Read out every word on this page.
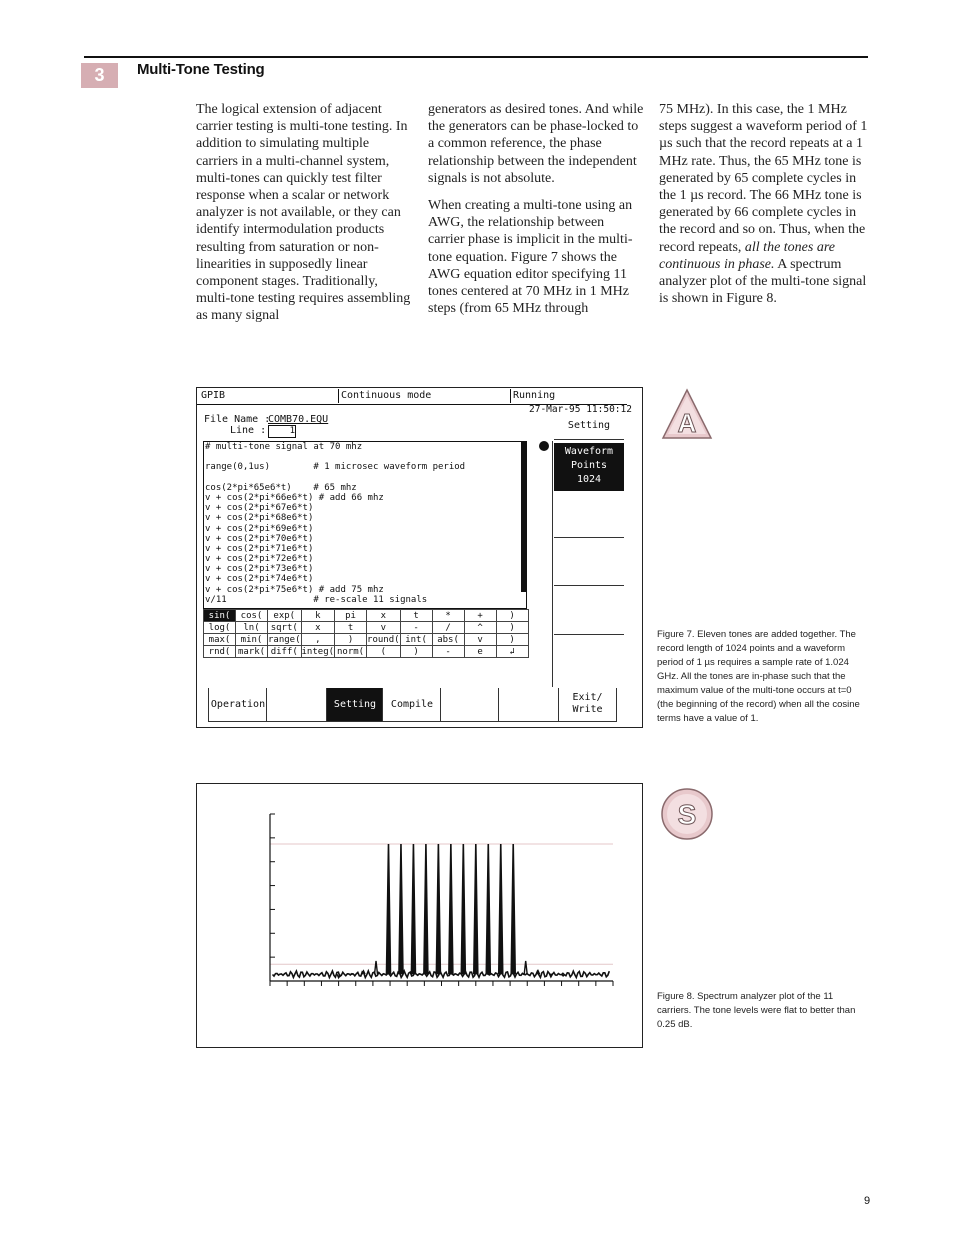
3	Multi-Tone Testing

The logical extension of adjacent carrier testing is multi-tone testing. In addition to simulating multiple carriers in a multi-channel system, multi-tones can quickly test filter response when a scalar or network analyzer is not available, or they can identify intermodulation products resulting from saturation or non-linearities in supposedly linear component stages. Traditionally, multi-tone testing requires assembling as many signal

generators as desired tones. And while the generators can be phase-locked to a common reference, the phase relationship between the independent signals is not absolute.

When creating a multi-tone using an AWG, the relationship between carrier phase is implicit in the multi-tone equation. Figure 7 shows the AWG equation editor specifying 11 tones centered at 70 MHz in 1 MHz steps (from 65 MHz through

75 MHz). In this case, the 1 MHz steps suggest a waveform period of 1 µs such that the record repeats at a 1 MHz rate. Thus, the 65 MHz tone is generated by 65 complete cycles in the 1 µs record. The 66 MHz tone is generated by 66 complete cycles in the record and so on. Thus, when the record repeats, all the tones are continuous in phase. A spectrum analyzer plot of the multi-tone signal is shown in Figure 8.

GPIB	Continuous mode	Running
27-Mar-95 11:50:12
File Name :
COMB70.EQU
Line :	1
# multi-tone signal at 70 mhz
range(0,1us)        # 1 microsec waveform period
cos(2*pi*65e6*t)    # 65 mhz
v + cos(2*pi*66e6*t) # add 66 mhz
v + cos(2*pi*67e6*t)
v + cos(2*pi*68e6*t)
v + cos(2*pi*69e6*t)
v + cos(2*pi*70e6*t)
v + cos(2*pi*71e6*t)
v + cos(2*pi*72e6*t)
v + cos(2*pi*73e6*t)
v + cos(2*pi*74e6*t)
v + cos(2*pi*75e6*t) # add 75 mhz
v/11                # re-scale 11 signals
sin(	cos(	exp(	k	pi	x	t	*	+	)
log(	ln(	sqrt(	x	t	v	-	/	^	)
max(	min(	range(	,	)	round(	int(	abs(	v	)
rnd(	mark(	diff(	integ(	norm(	(	)	-	e	↲
Setting
Waveform
Points
1024
Operation	Setting	Compile
Exit/ Write
A
Figure 7. Eleven tones are added together. The record length of 1024 points and a waveform period of 1 µs requires a sample rate of 1.024 GHz. All the tones are in-phase such that the maximum value of the multi-tone occurs at t=0 (the beginning of the record) when all the cosine terms have a value of 1.
S
Figure 8. Spectrum analyzer plot of the 11 carriers. The tone levels were flat to better than 0.25 dB.
9
